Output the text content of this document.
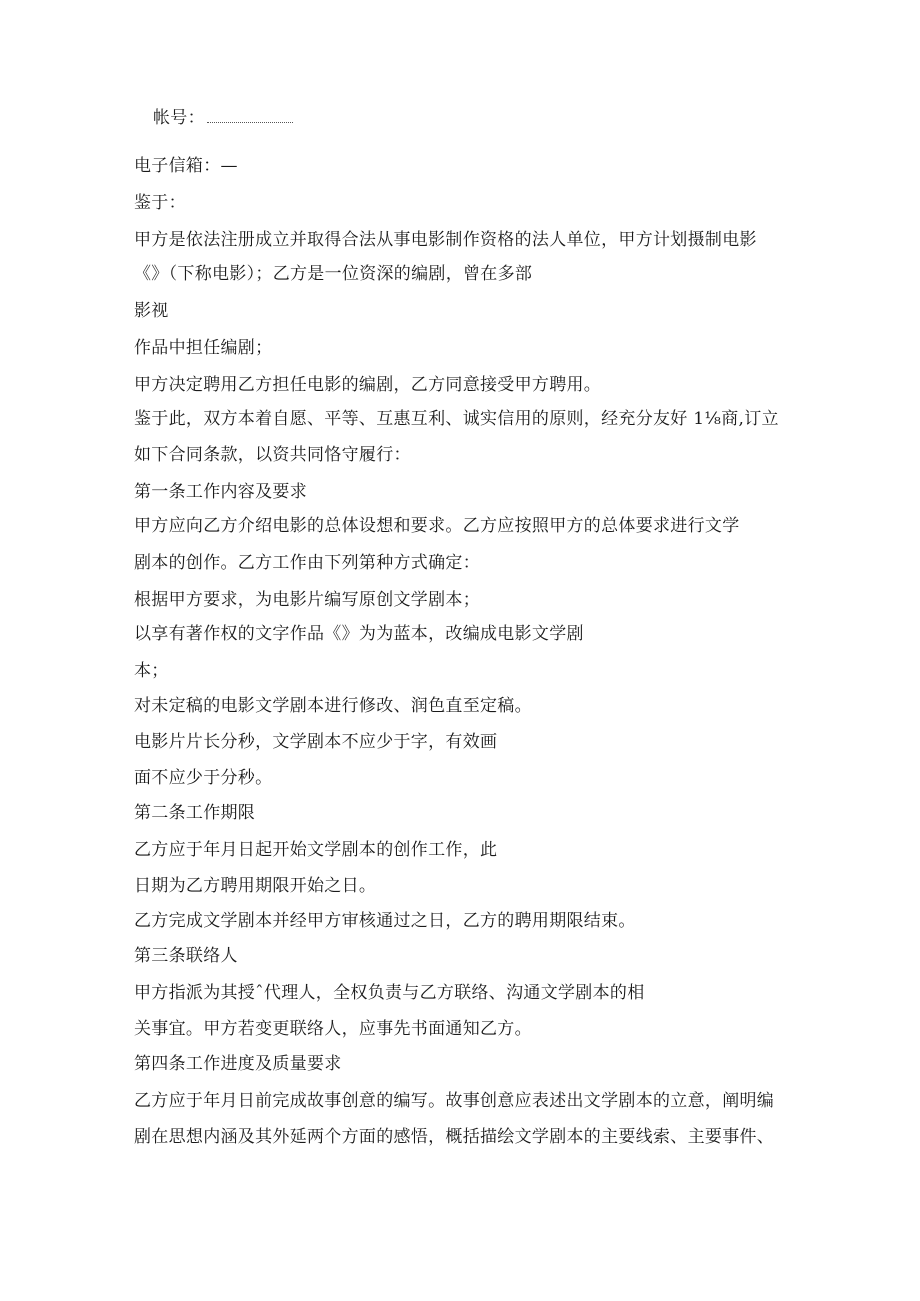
帐号：
电子信箱：—
鉴于：
甲方是依法注册成立并取得合法从事电影制作资格的法人单位，甲方计划摄制电影
《》（下称电影）；乙方是一位资深的编剧，曾在多部
影视
作品中担任编剧；
甲方决定聘用乙方担任电影的编剧，乙方同意接受甲方聘用。
鉴于此，双方本着自愿、平等、互惠互利、诚实信用的原则，经充分友好 1⅛商,订立
如下合同条款，以资共同恪守履行：
第一条工作内容及要求
甲方应向乙方介绍电影的总体设想和要求。乙方应按照甲方的总体要求进行文学
剧本的创作。乙方工作由下列第种方式确定：
根据甲方要求，为电影片编写原创文学剧本；
以享有著作权的文字作品《》为为蓝本，改编成电影文学剧
本；
对未定稿的电影文学剧本进行修改、润色直至定稿。
电影片片长分秒，文学剧本不应少于字，有效画
面不应少于分秒。
第二条工作期限
乙方应于年月日起开始文学剧本的创作工作，此
日期为乙方聘用期限开始之日。
乙方完成文学剧本并经甲方审核通过之日，乙方的聘用期限结束。
第三条联络人
甲方指派为其授ˆ代理人，全权负责与乙方联络、沟通文学剧本的相
关事宜。甲方若变更联络人，应事先书面通知乙方。
第四条工作进度及质量要求
乙方应于年月日前完成故事创意的编写。故事创意应表述出文学剧本的立意，阐明编
剧在思想内涵及其外延两个方面的感悟，概括描绘文学剧本的主要线索、主要事件、
